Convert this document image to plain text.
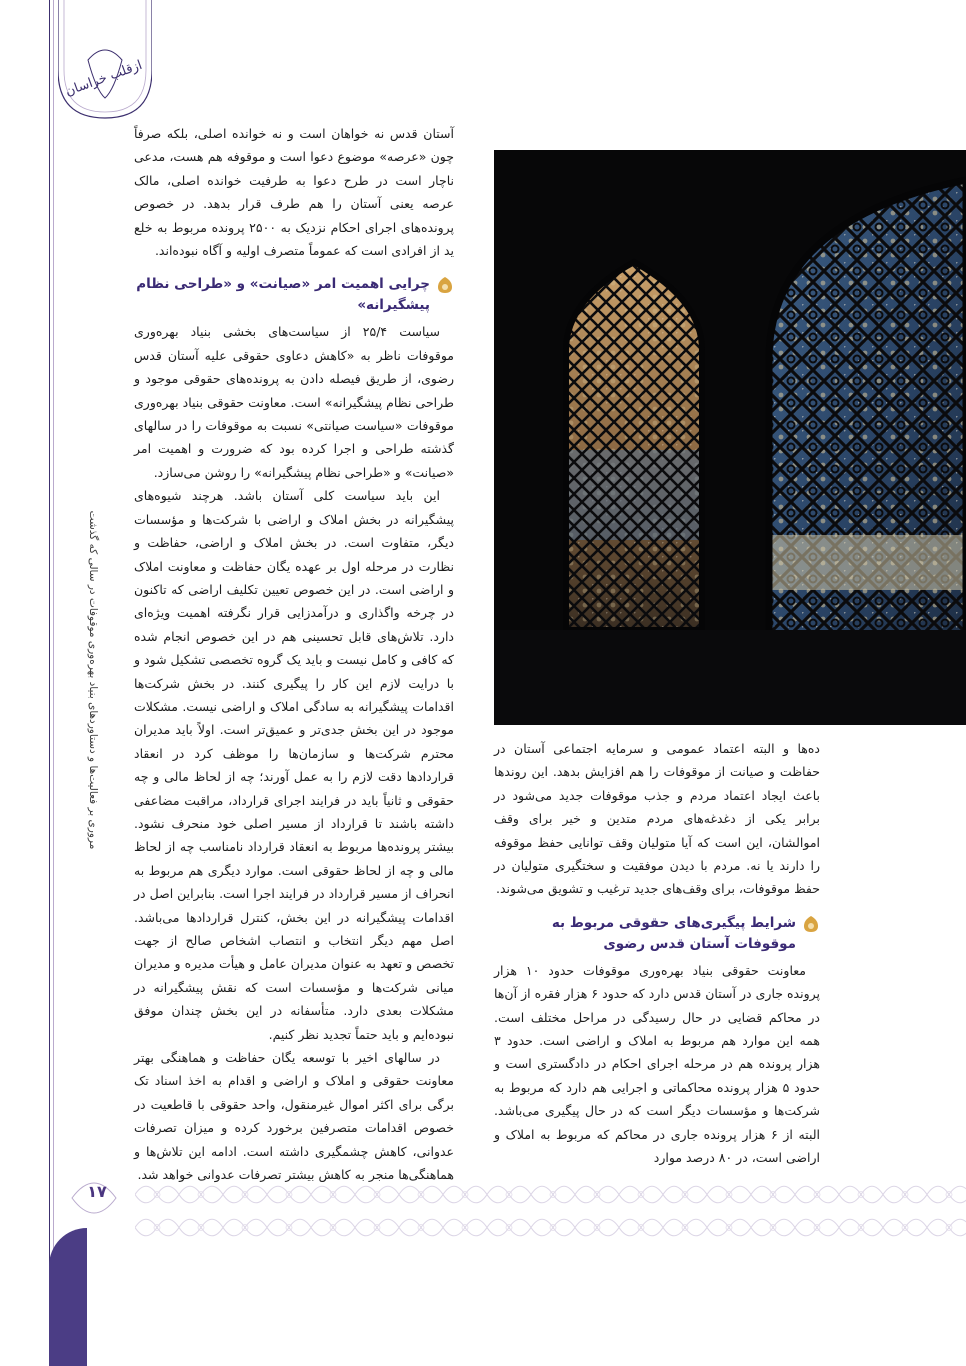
ازقلب خراسان
مروری بر فعالیت‌ها و دستاوردهای بنیاد بهره‌وری موقوفات در سالی که گذشت
۱۷

آستان قدس نه خواهان است و نه خوانده اصلی، بلکه صرفاً چون «عرصه» موضوع دعوا است و موقوفه هم هست، مدعی ناچار است در طرح دعوا به طرفیت خوانده اصلی، مالک عرصه یعنی آستان را هم طرف قرار بدهد. در خصوص پرونده‌های اجرای احکام نزدیک به ۲۵۰۰ پرونده مربوط به خلع ید از افرادی است که عموماً متصرف اولیه و آگاه نبوده‌اند.

چرایی اهمیت امر «صیانت» و «طراحی نظام پیشگیرانه»

سیاست ۲۵/۴ از سیاست‌های بخشی بنیاد بهره‌وری موقوفات ناظر به «کاهش دعاوی حقوقی علیه آستان قدس رضوی، از طریق فیصله دادن به پرونده‌های حقوقی موجود و طراحی نظام پیشگیرانه» است. معاونت حقوقی بنیاد بهره‌وری موقوفات «سیاست صیانتی» نسبت به موقوفات را در سالهای گذشته طراحی و اجرا کرده بود که ضرورت و اهمیت امر «صیانت» و «طراحی نظام پیشگیرانه» را روشن می‌سازد.

این باید سیاست کلی آستان باشد. هرچند شیوه‌های پیشگیرانه در بخش املاک و اراضی با شرکت‌ها و مؤسسات دیگر، متفاوت است. در بخش املاک و اراضی، حفاظت و نظارت در مرحله اول بر عهده یگان حفاظت و معاونت املاک و اراضی است. در این خصوص تعیین تکلیف اراضی که تاکنون در چرخه واگذاری و درآمدزایی قرار نگرفته اهمیت ویژه‌ای دارد. تلاش‌های قابل تحسینی هم در این خصوص انجام شده که کافی و کامل نیست و باید یک گروه تخصصی تشکیل شود و با درایت لازم این کار را پیگیری کنند. در بخش شرکت‌ها اقدامات پیشگیرانه به سادگی املاک و اراضی نیست. مشکلات موجود در این بخش جدی‌تر و عمیق‌تر است. اولاً باید مدیران محترم شرکت‌ها و سازمان‌ها را موظف کرد در انعقاد قراردادها دقت لازم را به عمل آورند؛ چه از لحاظ مالی و چه حقوقی و ثانیاً باید در فرایند اجرای قرارداد، مراقبت مضاعفی داشته باشند تا قرارداد از مسیر اصلی خود منحرف نشود. بیشتر پرونده‌ها مربوط به انعقاد قرارداد نامناسب چه از لحاظ مالی و چه از لحاظ حقوقی است. موارد دیگری هم مربوط به انحراف از مسیر قرارداد در فرایند اجرا است. بنابراین اصل در اقدامات پیشگیرانه در این بخش، کنترل قراردادها می‌باشد. اصل مهم دیگر انتخاب و انتصاب اشخاص صالح از جهت تخصص و تعهد به عنوان مدیران عامل و هیأت مدیره و مدیران میانی شرکت‌ها و مؤسسات است که نقش پیشگیرانه در مشکلات بعدی دارد. متأسفانه در این بخش چندان موفق نبوده‌ایم و باید حتماً تجدید نظر کنیم.

در سالهای اخیر با توسعه یگان حفاظت و هماهنگی بهتر معاونت حقوقی و املاک و اراضی و اقدام به اخذ اسناد تک برگی برای اکثر اموال غیرمنقول، واحد حقوقی با قاطعیت در خصوص اقدامات متصرفین برخورد کرده و میزان تصرفات عدوانی، کاهش چشمگیری داشته است. ادامه این تلاش‌ها و هماهنگی‌ها منجر به کاهش بیشتر تصرفات عدوانی خواهد شد.

ده‌ها و البته اعتماد عمومی و سرمایه اجتماعی آستان در حفاظت و صیانت از موقوفات را هم افزایش بدهد. این روندها باعث ایجاد اعتماد مردم و جذب موقوفات جدید می‌شود در برابر یکی از دغدغه‌های مردم متدین و خیر برای وقف اموالشان، این است که آیا متولیان وقف توانایی حفظ موقوفه را دارند یا نه. مردم با دیدن موفقیت و سختگیری متولیان در حفظ موقوفات، برای وقف‌های جدید ترغیب و تشویق می‌شوند.

شرایط پیگیری‌های حقوقی مربوط به موقوفات آستان قدس رضوی

معاونت حقوقی بنیاد بهره‌وری موقوفات حدود ۱۰ هزار پرونده جاری در آستان قدس دارد که حدود ۶ هزار فقره از آن‌ها در محاکم قضایی در حال رسیدگی در مراحل مختلف است. همه این موارد هم مربوط به املاک و اراضی است. حدود ۳ هزار پرونده هم در مرحله اجرای احکام در دادگستری است و حدود ۵ هزار پرونده محاکماتی و اجرایی هم دارد که مربوط به شرکت‌ها و مؤسسات دیگر است که در حال پیگیری می‌باشد. البته از ۶ هزار پرونده جاری در محاکم که مربوط به املاک و اراضی است، در ۸۰ درصد موارد
